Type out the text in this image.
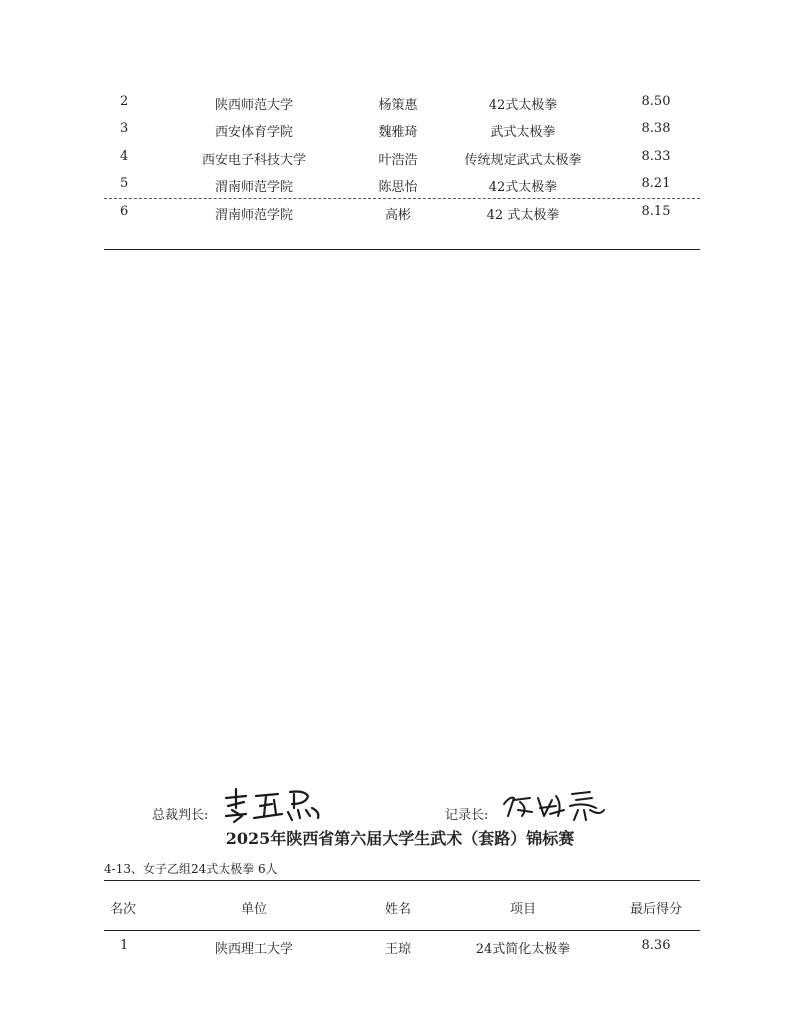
2	陕西师范大学	杨策惠	42式太极拳	8.50
3	西安体育学院	魏雅琦	武式太极拳	8.38
4	西安电子科技大学	叶浩浩	传统规定武式太极拳	8.33
5	渭南师范学院	陈思怡	42式太极拳	8.21
6	渭南师范学院	高彬	42 式太极拳	8.15
总裁判长:	记录长:
2025年陕西省第六届大学生武术（套路）锦标赛
4-13、女子乙组24式太极拳 6人
名次	单位	姓名	项目	最后得分
1	陕西理工大学	王琼	24式简化太极拳	8.36
